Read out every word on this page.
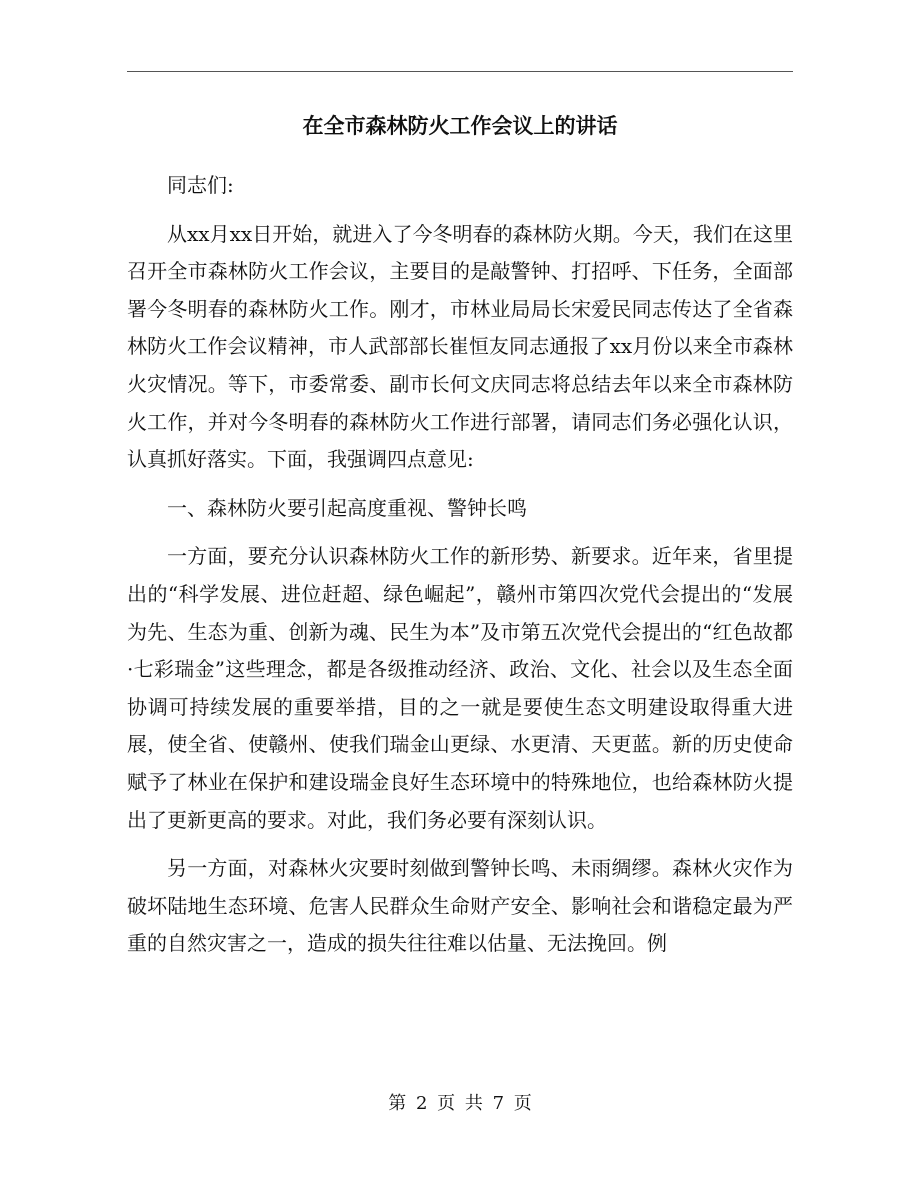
在全市森林防火工作会议上的讲话

同志们:

从xx月xx日开始，就进入了今冬明春的森林防火期。今天，我们在这里召开全市森林防火工作会议，主要目的是敲警钟、打招呼、下任务，全面部署今冬明春的森林防火工作。刚才，市林业局局长宋爱民同志传达了全省森林防火工作会议精神，市人武部部长崔恒友同志通报了xx月份以来全市森林火灾情况。等下，市委常委、副市长何文庆同志将总结去年以来全市森林防火工作，并对今冬明春的森林防火工作进行部署，请同志们务必强化认识，认真抓好落实。下面，我强调四点意见:

一、森林防火要引起高度重视、警钟长鸣

一方面，要充分认识森林防火工作的新形势、新要求。近年来，省里提出的“科学发展、进位赶超、绿色崛起”，赣州市第四次党代会提出的“发展为先、生态为重、创新为魂、民生为本”及市第五次党代会提出的“红色故都·七彩瑞金”这些理念，都是各级推动经济、政治、文化、社会以及生态全面协调可持续发展的重要举措，目的之一就是要使生态文明建设取得重大进展，使全省、使赣州、使我们瑞金山更绿、水更清、天更蓝。新的历史使命赋予了林业在保护和建设瑞金良好生态环境中的特殊地位，也给森林防火提出了更新更高的要求。对此，我们务必要有深刻认识。

另一方面，对森林火灾要时刻做到警钟长鸣、未雨绸缪。森林火灾作为破坏陆地生态环境、危害人民群众生命财产安全、影响社会和谐稳定最为严重的自然灾害之一，造成的损失往往难以估量、无法挽回。例

第 2 页 共 7 页
